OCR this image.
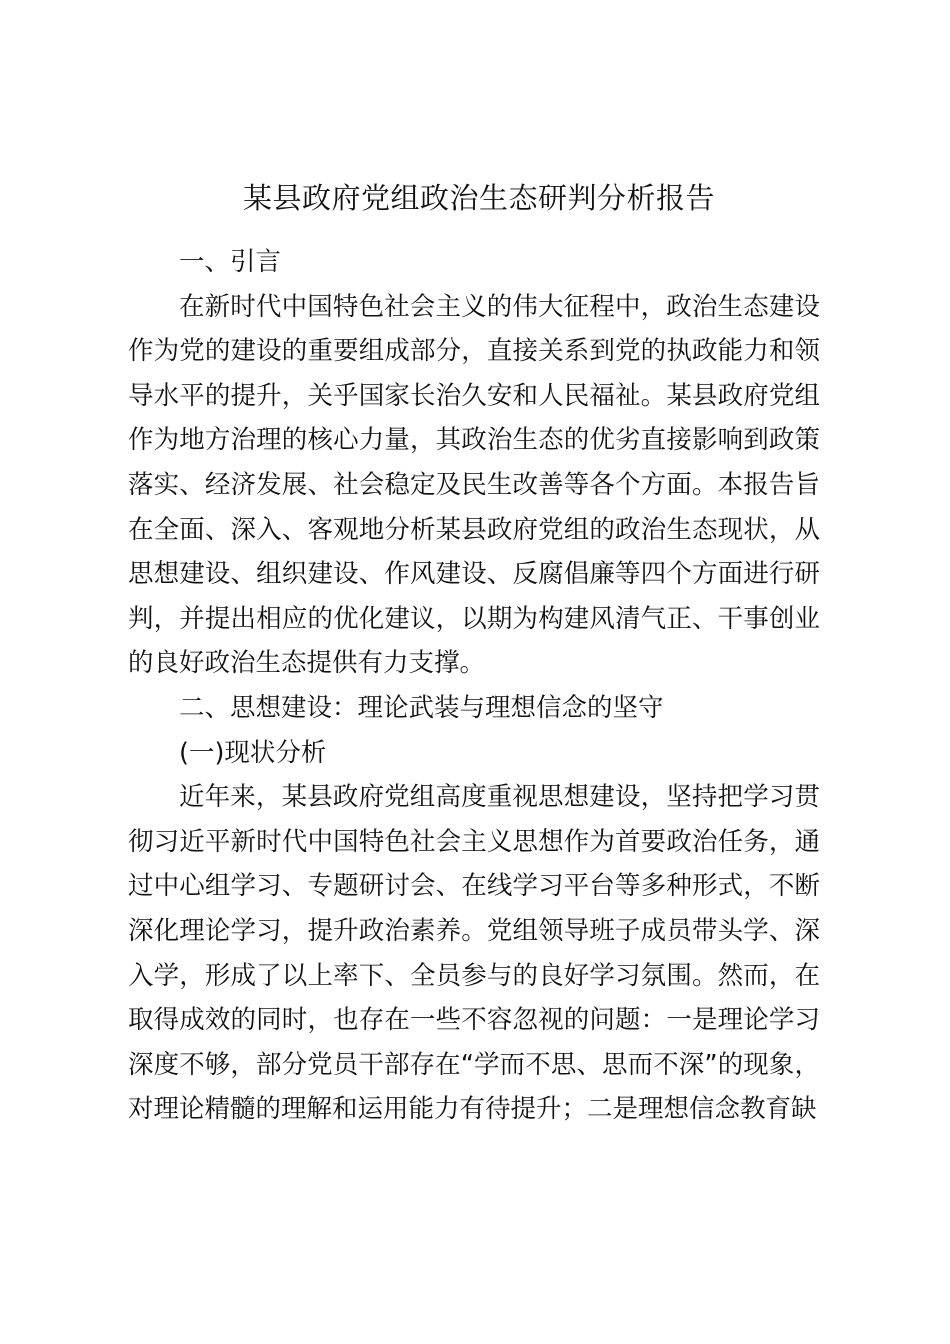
某县政府党组政治生态研判分析报告

一、引言

在新时代中国特色社会主义的伟大征程中，政治生态建设作为党的建设的重要组成部分，直接关系到党的执政能力和领导水平的提升，关乎国家长治久安和人民福祉。某县政府党组作为地方治理的核心力量，其政治生态的优劣直接影响到政策落实、经济发展、社会稳定及民生改善等各个方面。本报告旨在全面、深入、客观地分析某县政府党组的政治生态现状，从思想建设、组织建设、作风建设、反腐倡廉等四个方面进行研判，并提出相应的优化建议，以期为构建风清气正、干事创业的良好政治生态提供有力支撑。

二、思想建设：理论武装与理想信念的坚守

(一)现状分析

近年来，某县政府党组高度重视思想建设，坚持把学习贯彻习近平新时代中国特色社会主义思想作为首要政治任务，通过中心组学习、专题研讨会、在线学习平台等多种形式，不断深化理论学习，提升政治素养。党组领导班子成员带头学、深入学，形成了以上率下、全员参与的良好学习氛围。然而，在取得成效的同时，也存在一些不容忽视的问题：一是理论学习深度不够，部分党员干部存在“学而不思、思而不深”的现象，对理论精髓的理解和运用能力有待提升；二是理想信念教育缺
